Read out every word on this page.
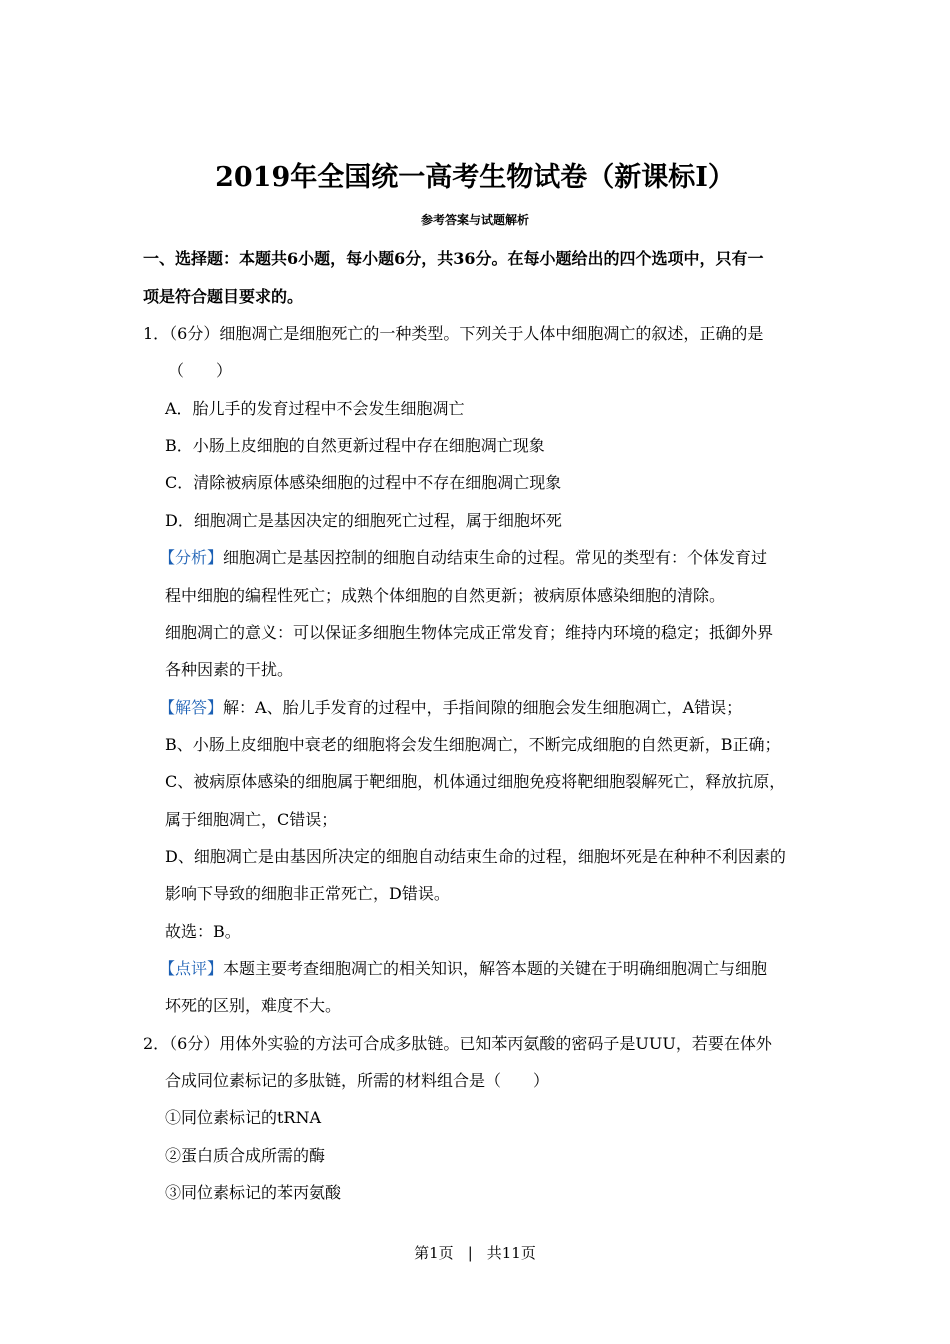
2019年全国统一高考生物试卷（新课标Ⅰ）
参考答案与试题解析
一、选择题：本题共6小题，每小题6分，共36分。在每小题给出的四个选项中，只有一
项是符合题目要求的。
1．（6分）细胞凋亡是细胞死亡的一种类型。下列关于人体中细胞凋亡的叙述，正确的是
（　　）
A．胎儿手的发育过程中不会发生细胞凋亡
B．小肠上皮细胞的自然更新过程中存在细胞凋亡现象
C．清除被病原体感染细胞的过程中不存在细胞凋亡现象
D．细胞凋亡是基因决定的细胞死亡过程，属于细胞坏死
【分析】细胞凋亡是基因控制的细胞自动结束生命的过程。常见的类型有：个体发育过
程中细胞的编程性死亡；成熟个体细胞的自然更新；被病原体感染细胞的清除。
细胞凋亡的意义：可以保证多细胞生物体完成正常发育；维持内环境的稳定；抵御外界
各种因素的干扰。
【解答】解：A、胎儿手发育的过程中，手指间隙的细胞会发生细胞凋亡，A错误；
B、小肠上皮细胞中衰老的细胞将会发生细胞凋亡，不断完成细胞的自然更新，B正确；
C、被病原体感染的细胞属于靶细胞，机体通过细胞免疫将靶细胞裂解死亡，释放抗原，
属于细胞凋亡，C错误；
D、细胞凋亡是由基因所决定的细胞自动结束生命的过程，细胞坏死是在种种不利因素的
影响下导致的细胞非正常死亡，D错误。
故选：B。
【点评】本题主要考查细胞凋亡的相关知识，解答本题的关键在于明确细胞凋亡与细胞
坏死的区别，难度不大。
2．（6分）用体外实验的方法可合成多肽链。已知苯丙氨酸的密码子是UUU，若要在体外
合成同位素标记的多肽链，所需的材料组合是（　　）
①同位素标记的tRNA
②蛋白质合成所需的酶
③同位素标记的苯丙氨酸
第1页 | 共11页
